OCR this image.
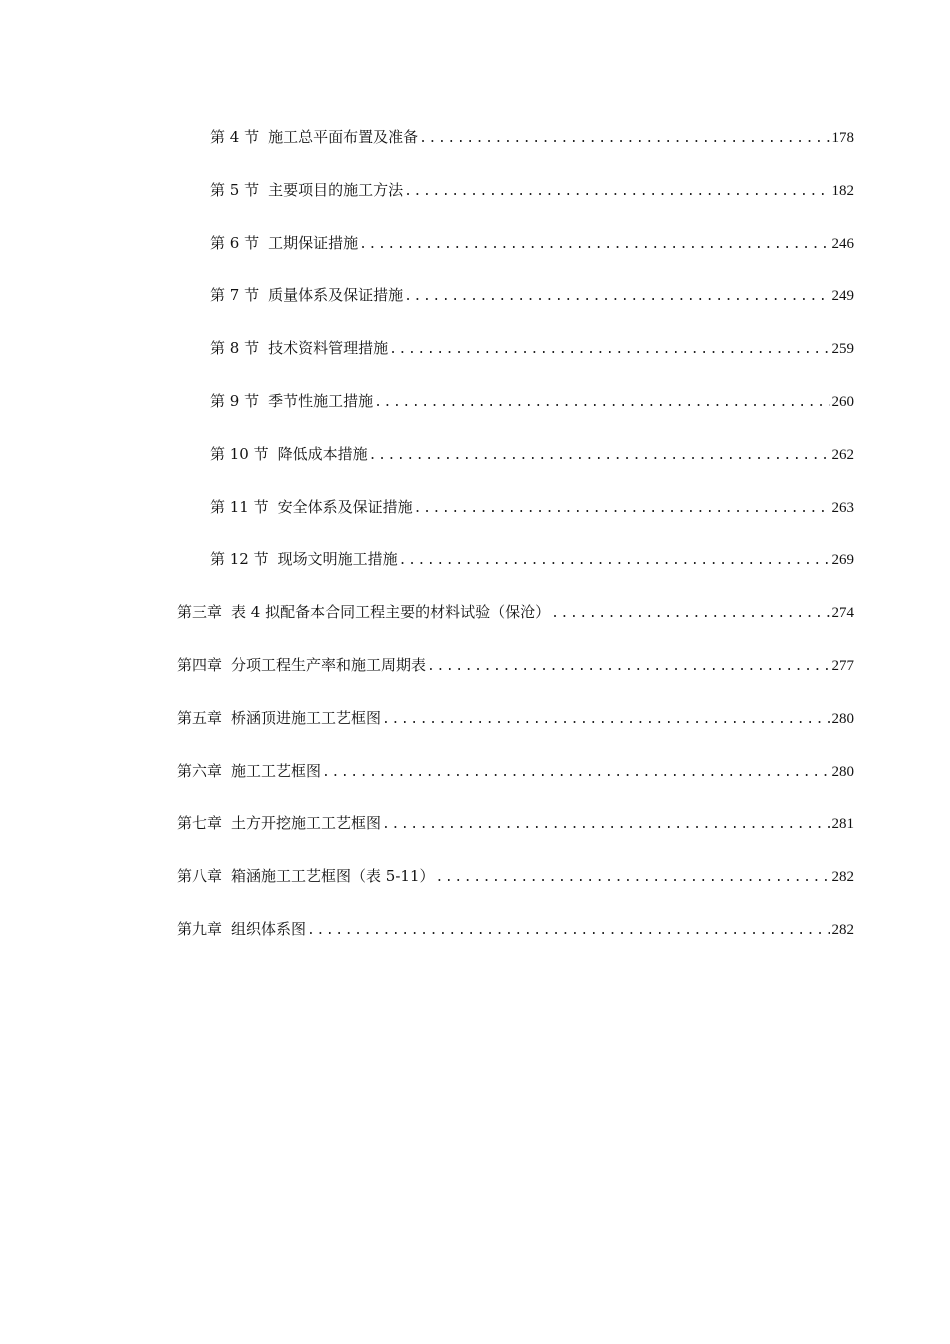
第 4 节 施工总平面布置及准备 .....	178
第 5 节 主要项目的施工方法 .....	182
第 6 节 工期保证措施 .....	246
第 7 节 质量体系及保证措施 .....	249
第 8 节 技术资料管理措施 .....	259
第 9 节 季节性施工措施 .....	260
第 10 节 降低成本措施 .....	262
第 11 节 安全体系及保证措施 .....	263
第 12 节 现场文明施工措施 .....	269
第三章 表 4 拟配备本合同工程主要的材料试验（保沧） .....	274
第四章 分项工程生产率和施工周期表 .....	277
第五章 桥涵顶进施工工艺框图 .....	280
第六章 施工工艺框图 .....	280
第七章 土方开挖施工工艺框图 .....	281
第八章 箱涵施工工艺框图（表 5-11） .....	282
第九章 组织体系图 .....	282
